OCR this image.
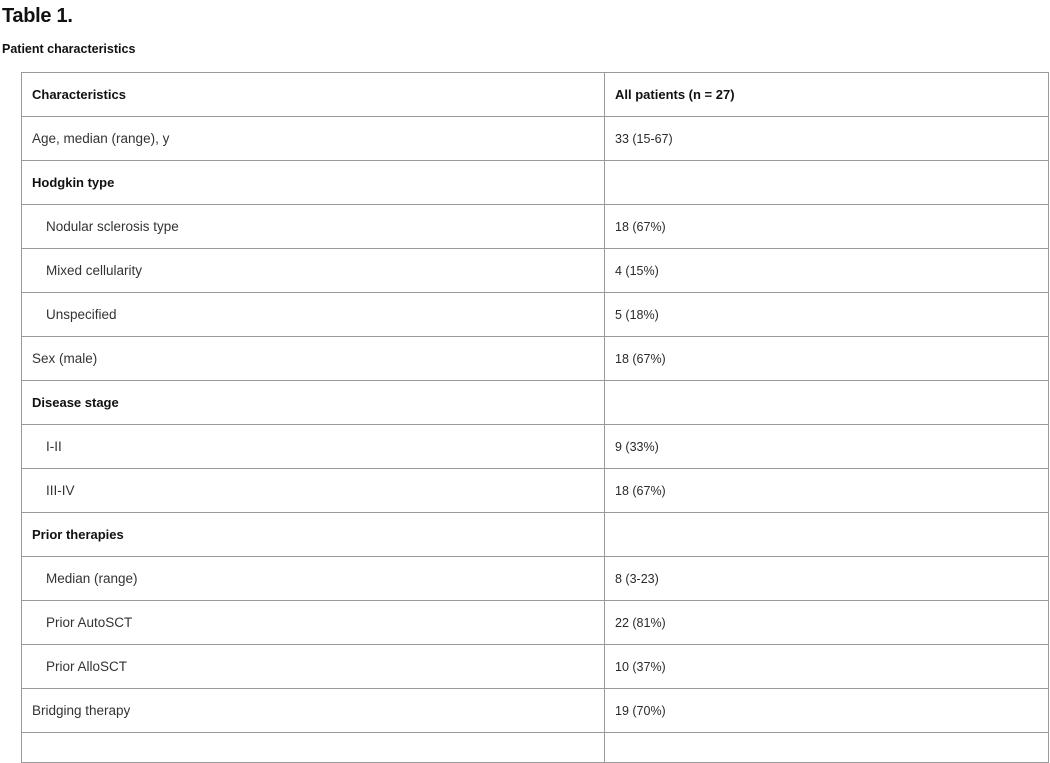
Table 1.
Patient characteristics
Characteristics	All patients (n = 27)
Age, median (range), y	33 (15-67)
Hodgkin type	
Nodular sclerosis type	18 (67%)
Mixed cellularity	4 (15%)
Unspecified	5 (18%)
Sex (male)	18 (67%)
Disease stage	
I-II	9 (33%)
III-IV	18 (67%)
Prior therapies	
Median (range)	8 (3-23)
Prior AutoSCT	22 (81%)
Prior AlloSCT	10 (37%)
Bridging therapy	19 (70%)
